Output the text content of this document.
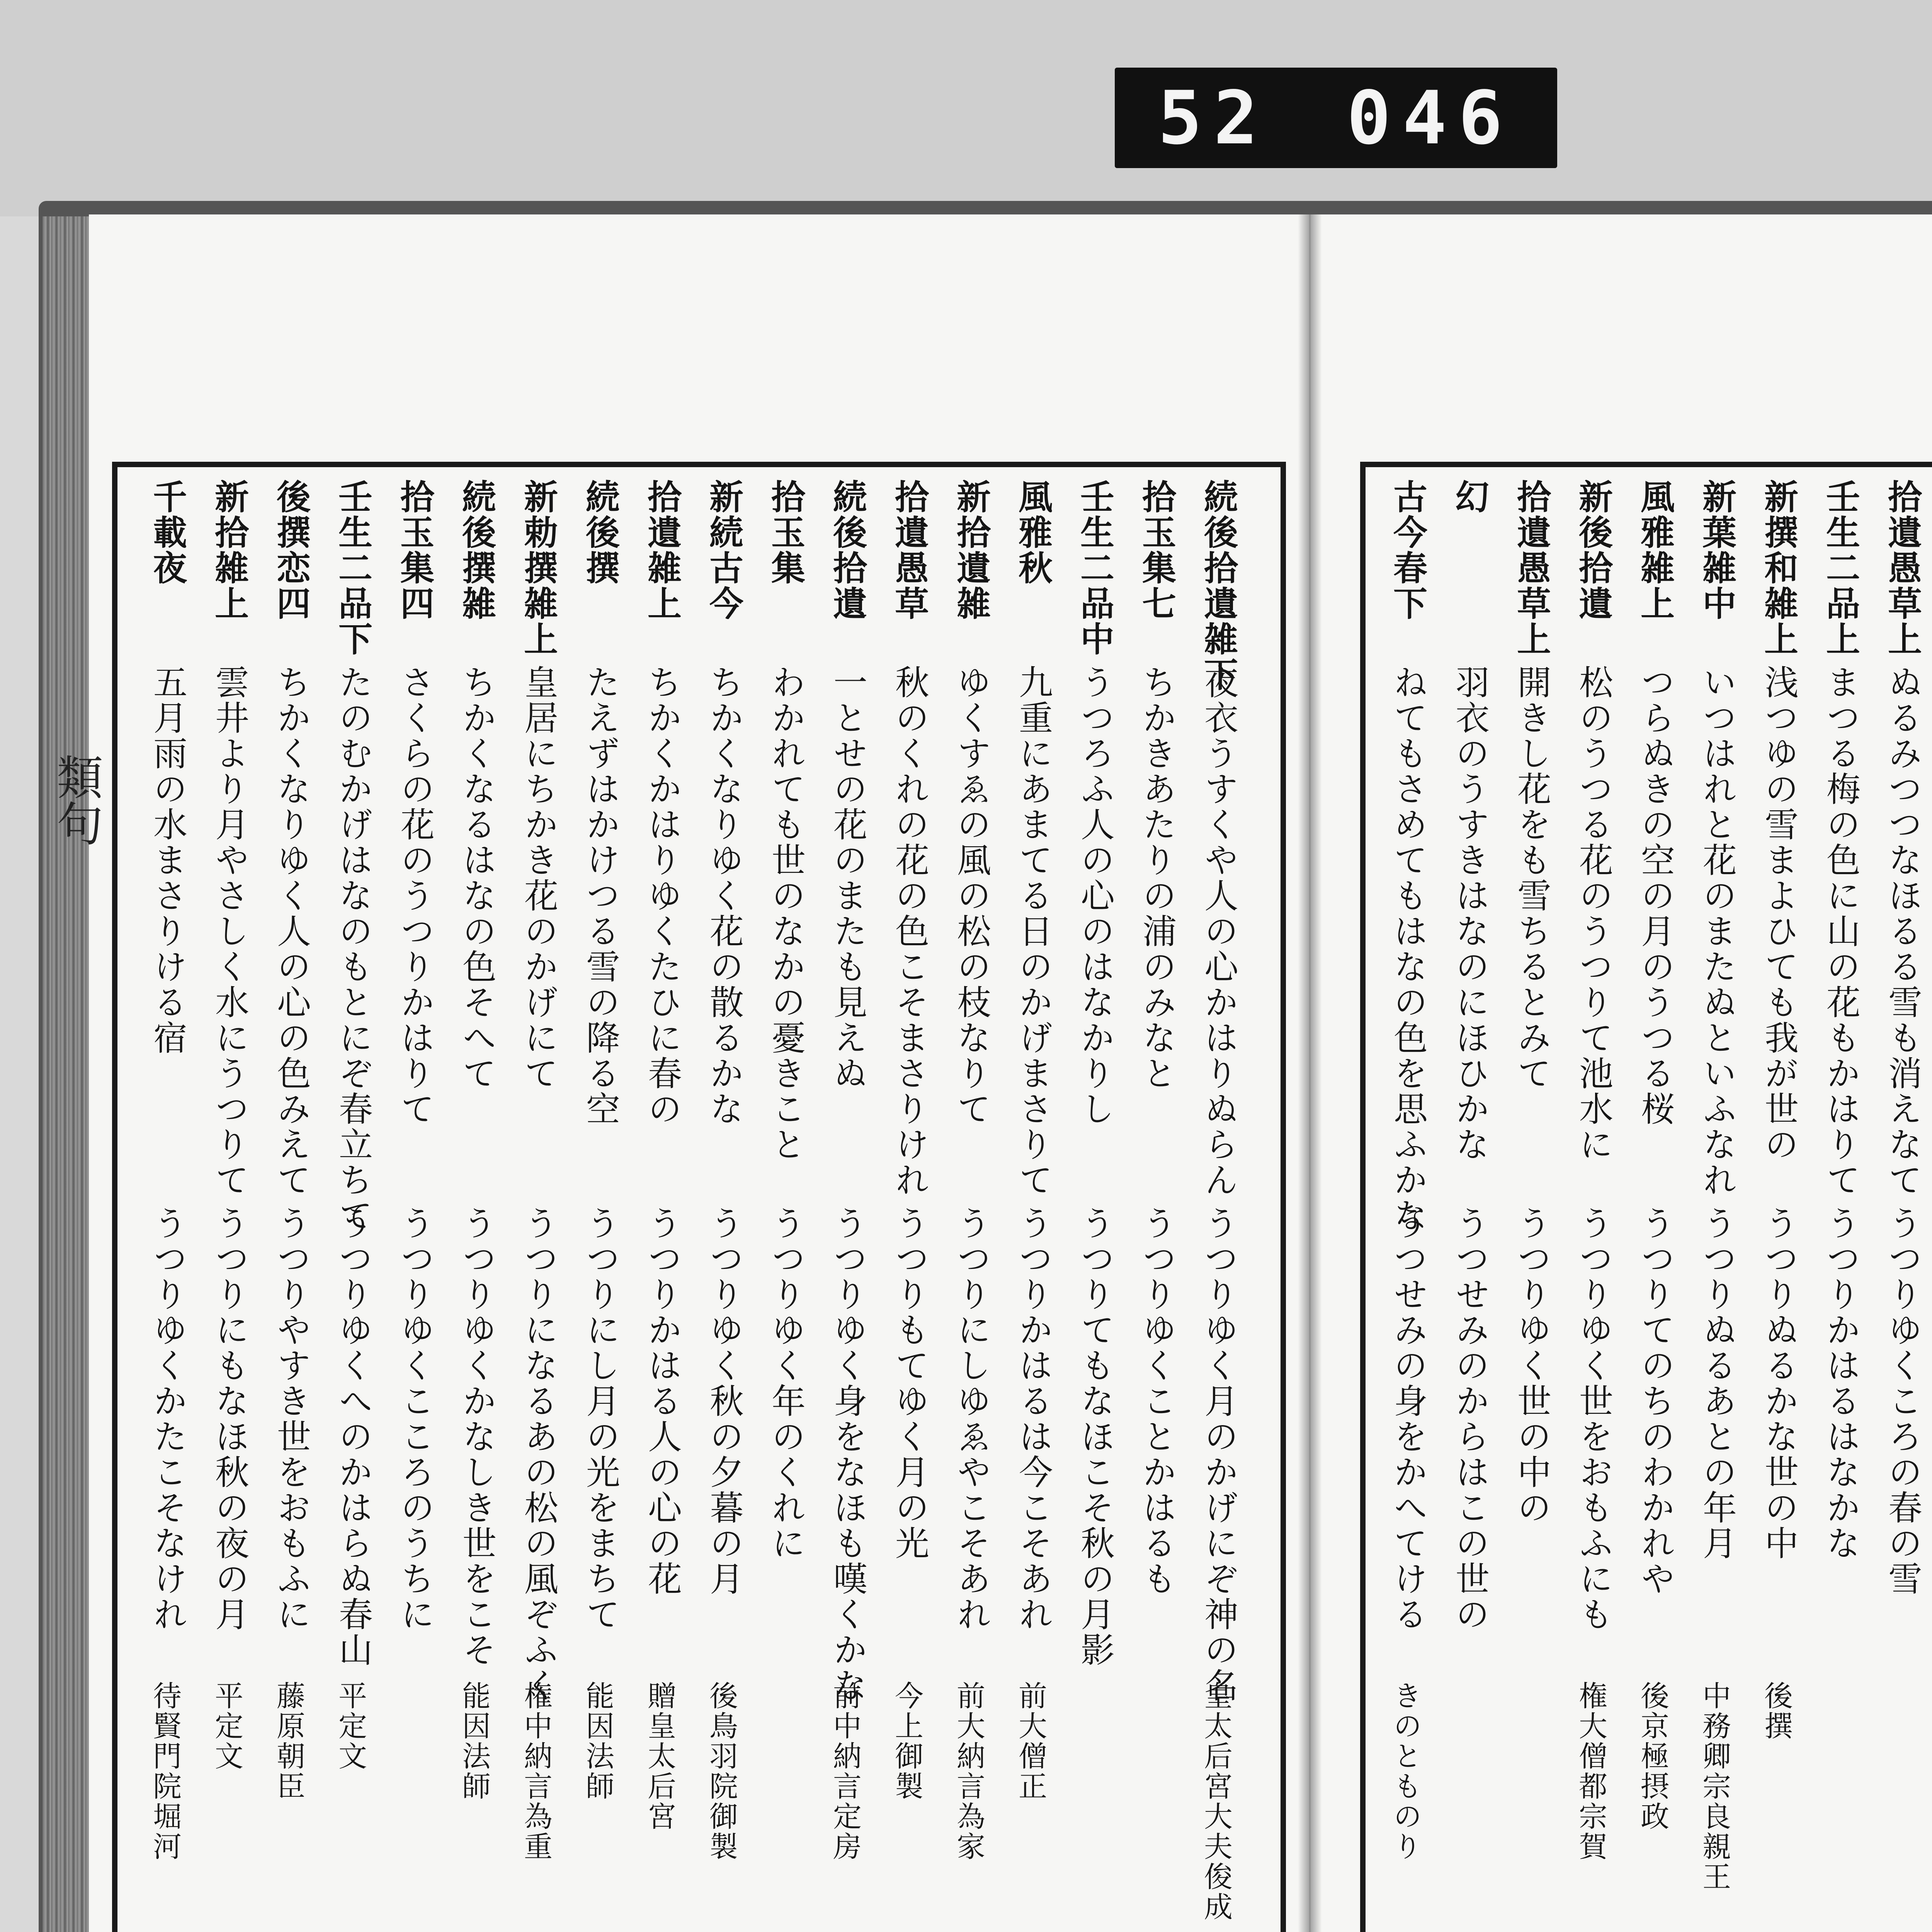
52 046
類句
拾遺愚草上
ぬるみつつなほるる雪も消えなて
うつりゆくころの春の雪
壬生二品上
まつる梅の色に山の花もかはりて
うつりかはるはなかな
新撰和雑上
浅つゆの雪まよひても我が世の
うつりぬるかな世の中
後撰
新葉雑中
いつはれと花のまたぬといふなれ
うつりぬるあとの年月
中務卿宗良親王
風雅雑上
つらぬきの空の月のうつる桜
うつりてのちのわかれや
後京極摂政
新後拾遺
松のうつる花のうつりて池水に
うつりゆく世をおもふにも
権大僧都宗賀
拾遺愚草上
開きし花をも雪ちるとみて
うつりゆく世の中の
幻
羽衣のうすきはなのにほひかな
うつせみのからはこの世の
古今春下
ねてもさめてもはなの色を思ふかな
うつせみの身をかへてける
きのとものり
続後拾遺雑下
夜衣うすくや人の心かはりぬらん
うつりゆく月のかげにぞ神の名
皇太后宮大夫俊成
拾玉集七
ちかきあたりの浦のみなと
うつりゆくことかはるも
壬生二品中
うつろふ人の心のはなかりし
うつりてもなほこそ秋の月影
風雅秋
九重にあまてる日のかげまさりて
うつりかはるは今こそあれ
前大僧正
新拾遺雑
ゆくすゑの風の松の枝なりて
うつりにしゆゑやこそあれ
前大納言為家
拾遺愚草
秋のくれの花の色こそまさりけれ
うつりもてゆく月の光
今上御製
続後拾遺
一とせの花のまたも見えぬ
うつりゆく身をなほも嘆くかな
前中納言定房
拾玉集
わかれても世のなかの憂きこと
うつりゆく年のくれに
新続古今
ちかくなりゆく花の散るかな
うつりゆく秋の夕暮の月
後鳥羽院御製
拾遺雑上
ちかくかはりゆくたひに春の
うつりかはる人の心の花
贈皇太后宮
続後撰
たえずはかけつる雪の降る空
うつりにし月の光をまちて
能因法師
新勅撰雑上
皇居にちかき花のかげにて
うつりになるあの松の風ぞふく
権中納言為重
続後撰雑
ちかくなるはなの色そへて
うつりゆくかなしき世をこそ
能因法師
拾玉集四
さくらの花のうつりかはりて
うつりゆくこころのうちに
壬生二品下
たのむかげはなのもとにぞ春立ちて
うつりゆくへのかはらぬ春山
平定文
後撰恋四
ちかくなりゆく人の心の色みえて
うつりやすき世をおもふに
藤原朝臣
新拾雑上
雲井より月やさしく水にうつりて
うつりにもなほ秋の夜の月
平定文
千載夜
五月雨の水まさりける宿
うつりゆくかたこそなけれ
待賢門院堀河
